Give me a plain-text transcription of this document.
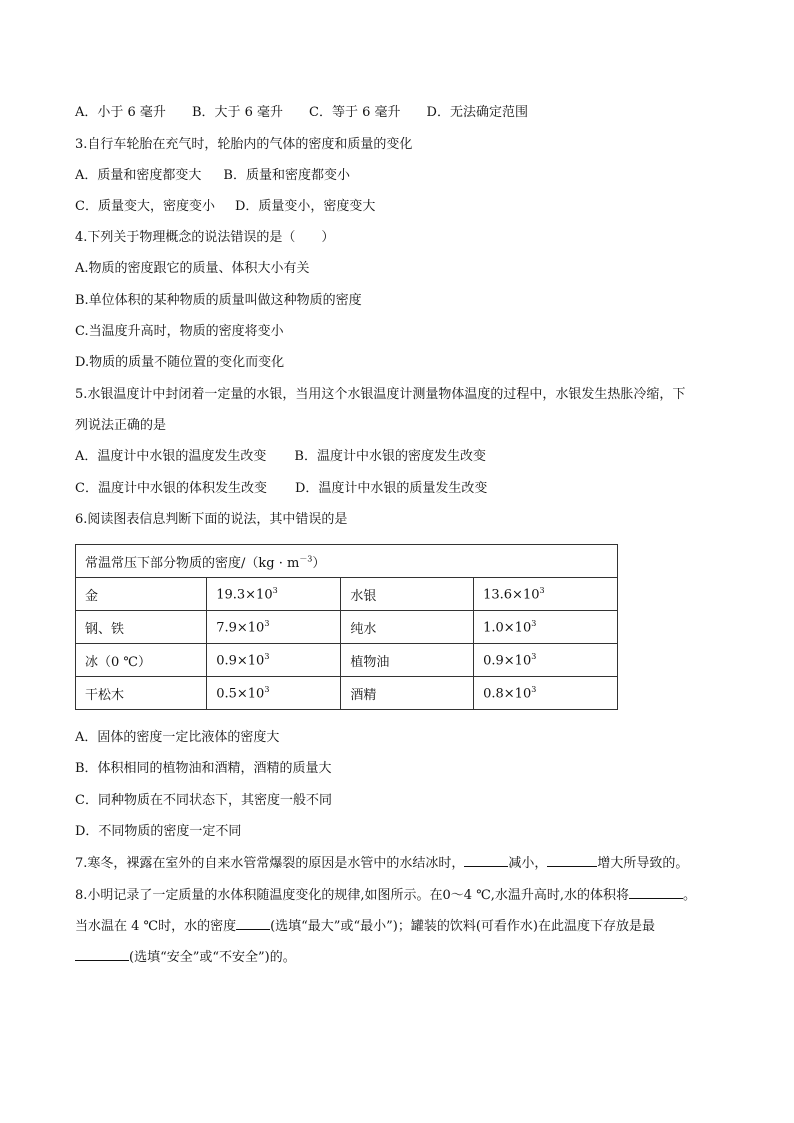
A．小于 6 毫升 B．大于 6 毫升 C．等于 6 毫升 D．无法确定范围
3.自行车轮胎在充气时，轮胎内的气体的密度和质量的变化
A．质量和密度都变大 B．质量和密度都变小
C．质量变大，密度变小 D．质量变小，密度变大
4.下列关于物理概念的说法错误的是（　　）
A.物质的密度跟它的质量、体积大小有关
B.单位体积的某种物质的质量叫做这种物质的密度
C.当温度升高时，物质的密度将变小
D.物质的质量不随位置的变化而变化
5.水银温度计中封闭着一定量的水银，当用这个水银温度计测量物体温度的过程中，水银发生热胀冷缩，下
列说法正确的是
A．温度计中水银的温度发生改变 B．温度计中水银的密度发生改变
C．温度计中水银的体积发生改变 D．温度计中水银的质量发生改变
6.阅读图表信息判断下面的说法，其中错误的是
常温常压下部分物质的密度$/(kg \cdot m^{-3})$			
金	$19.3\times 10^3$	水银	$13.6\times 10^3$
钢、铁	$7.9\times 10^3$	纯水	$1.0\times 10^3$
冰（0 ℃）	$0.9\times 10^3$	植物油	$0.9\times 10^3$
干松木	$0.5\times 10^3$	酒精	$0.8\times 10^3$
A．固体的密度一定比液体的密度大
B．体积相同的植物油和酒精，酒精的质量大
C．同种物质在不同状态下，其密度一般不同
D．不同物质的密度一定不同
7.寒冬，裸露在室外的自来水管常爆裂的原因是水管中的水结冰时，	减小，	增大所导致的。
8.小明记录了一定质量的水体积随温度变化的规律,如图所示。在0～4 ℃,水温升高时,水的体积将	。
当水温在 4 ℃时，水的密度	(选填“最大”或“最小”)；罐装的饮料(可看作水)在此温度下存放是最
(选填“安全”或“不安全”)的。
